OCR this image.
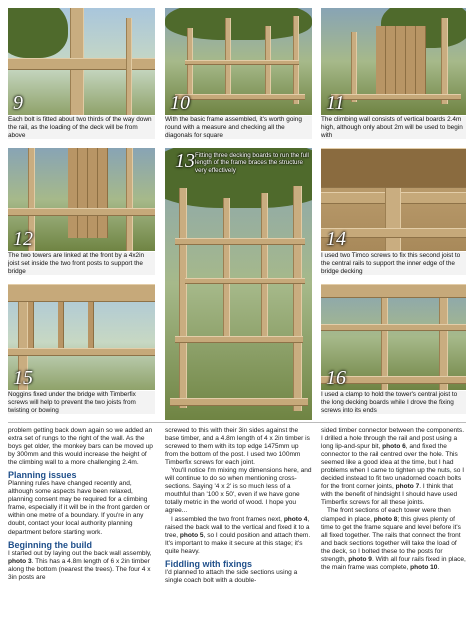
9
Each bolt is fitted about two thirds of the way down the rail, as the loading of the deck will be from above
10
With the basic frame assembled, it's worth going round with a measure and checking all the diagonals for square
11
The climbing wall consists of vertical boards 2.4m high, although only about 2m will be used to begin with
12
The two towers are linked at the front by a 4x2in joist set inside the two front posts to support the bridge
13 Fitting three decking boards to run the full length of the frame braces the structure very effectively
14
I used two Timco screws to fix this second joist to the central rails to support the inner edge of the bridge decking
15
Noggins fixed under the bridge with Timberfix screws will help to prevent the two joists from twisting or bowing
16
I used a clamp to hold the tower's central joist to the long decking boards while I drove the fixing screws into its ends

problem getting back down again so we added an extra set of rungs to the right of the wall. As the boys get older, the monkey bars can be moved up by 300mm and this would increase the height of the climbing wall to a more challenging 2.4m.

Planning issues

Planning rules have changed recently and, although some aspects have been relaxed, planning consent may be required for a climbing frame, especially if it will be in the front garden or within one metre of a boundary. If you're in any doubt, contact your local authority planning department before starting work.

Beginning the build

I started out by laying out the back wall assembly, photo 3. This has a 4.8m length of 6 x 2in timber along the bottom (nearest the trees). The four 4 x 3in posts are

screwed to this with their 3in sides against the base timber, and a 4.8m length of 4 x 2in timber is screwed to them with its top edge 1475mm up from the bottom of the post. I used two 100mm Timberfix screws for each joint.

You'll notice I'm mixing my dimensions here, and will continue to do so when mentioning cross-sections. Saying '4 x 2' is so much less of a mouthful than '100 x 50', even if we have gone totally metric in the world of wood. I hope you agree...

I assembled the two front frames next, photo 4, raised the back wall to the vertical and fixed it to a tree, photo 5, so I could position and attach them. It's important to make it secure at this stage; it's quite heavy.

Fiddling with fixings

I'd planned to attach the side sections using a single coach bolt with a double-

sided timber connector between the components. I drilled a hole through the rail and post using a long lip-and-spur bit, photo 6, and fixed the connector to the rail centred over the hole. This seemed like a good idea at the time, but I had problems when I came to tighten up the nuts, so I decided instead to fit two unadorned coach bolts for the front corner joints, photo 7. I think that with the benefit of hindsight I should have used Timberfix screws for all these joints.

The front sections of each tower were then clamped in place, photo 8; this gives plenty of time to get the frame square and level before it's all fixed together. The rails that connect the front and back sections together will take the load of the deck, so I bolted these to the posts for strength, photo 9. With all four rails fixed in place, the main frame was complete, photo 10.
